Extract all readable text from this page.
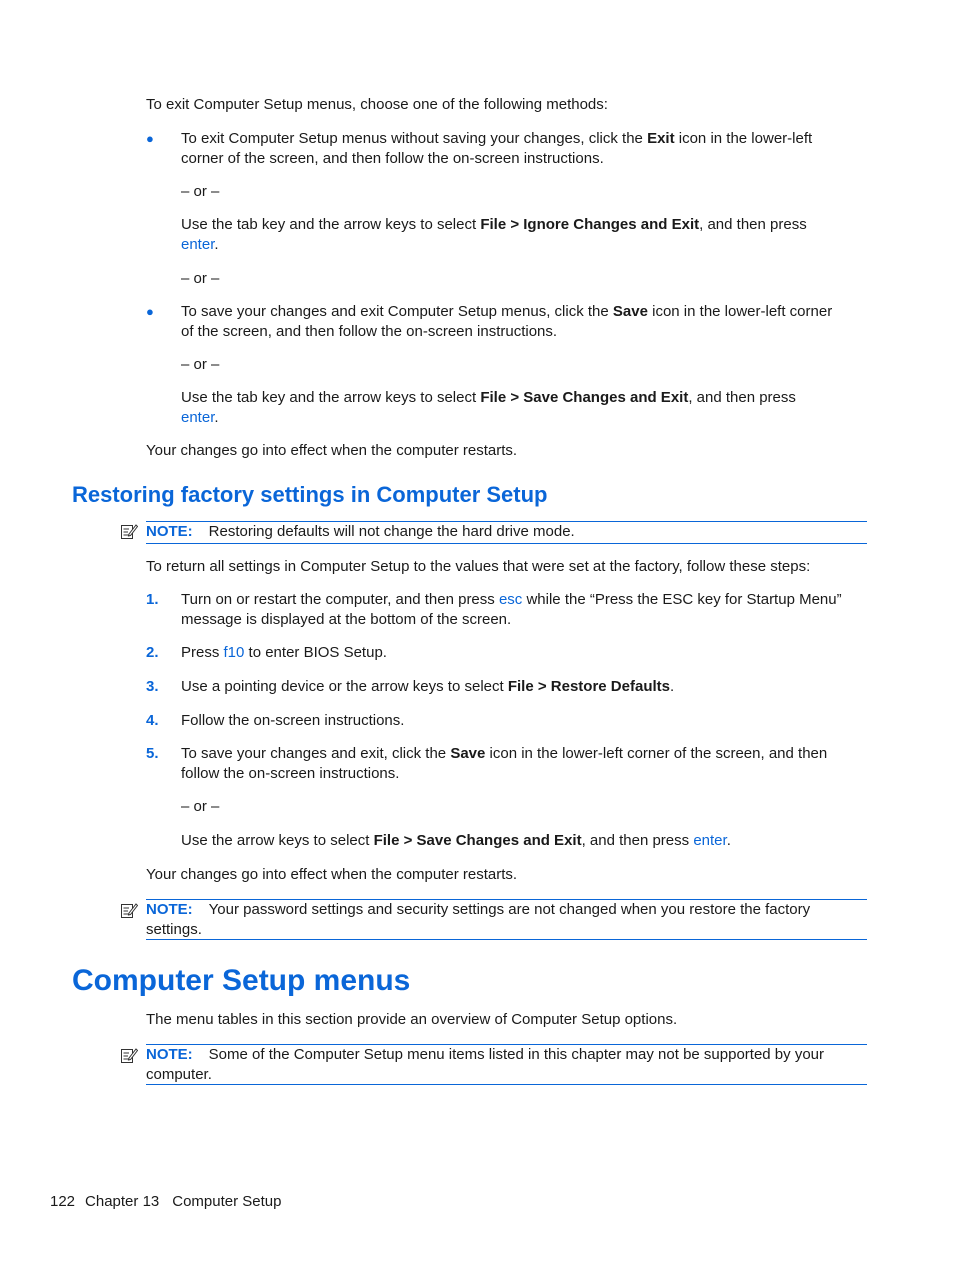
To exit Computer Setup menus, choose one of the following methods:
● To exit Computer Setup menus without saving your changes, click the Exit icon in the lower-left
corner of the screen, and then follow the on-screen instructions.
– or –
Use the tab key and the arrow keys to select File > Ignore Changes and Exit, and then press
enter.
– or –
● To save your changes and exit Computer Setup menus, click the Save icon in the lower-left corner
of the screen, and then follow the on-screen instructions.
– or –
Use the tab key and the arrow keys to select File > Save Changes and Exit, and then press
enter.
Your changes go into effect when the computer restarts.
Restoring factory settings in Computer Setup
NOTE: Restoring defaults will not change the hard drive mode.
To return all settings in Computer Setup to the values that were set at the factory, follow these steps:
1. Turn on or restart the computer, and then press esc while the “Press the ESC key for Startup Menu”
message is displayed at the bottom of the screen.
2. Press f10 to enter BIOS Setup.
3. Use a pointing device or the arrow keys to select File > Restore Defaults.
4. Follow the on-screen instructions.
5. To save your changes and exit, click the Save icon in the lower-left corner of the screen, and then
follow the on-screen instructions.
– or –
Use the arrow keys to select File > Save Changes and Exit, and then press enter.
Your changes go into effect when the computer restarts.
NOTE: Your password settings and security settings are not changed when you restore the factory
settings.
Computer Setup menus
The menu tables in this section provide an overview of Computer Setup options.
NOTE: Some of the Computer Setup menu items listed in this chapter may not be supported by your
computer.
122 Chapter 13 Computer Setup
